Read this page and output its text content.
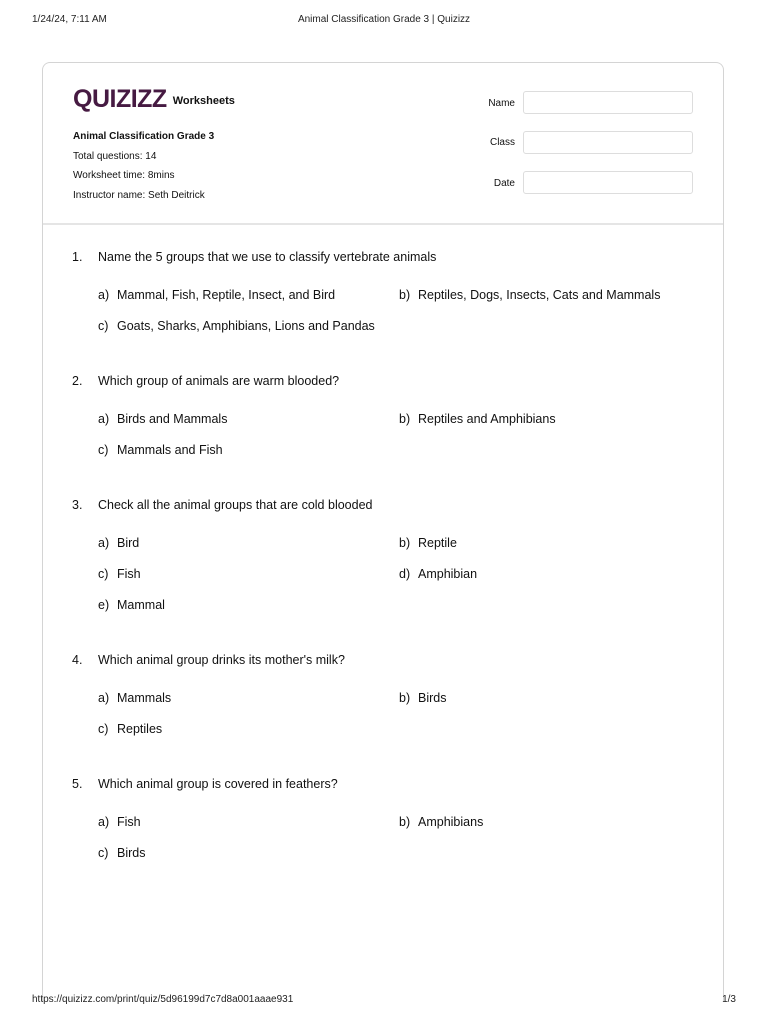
1/24/24, 7:11 AM	Animal Classification Grade 3 | Quizizz
QUIZIZZ Worksheets
Animal Classification Grade 3
Total questions: 14
Worksheet time: 8mins
Instructor name: Seth Deitrick
Name
Class
Date
1. Name the 5 groups that we use to classify vertebrate animals
a) Mammal, Fish, Reptile, Insect, and Bird	b) Reptiles, Dogs, Insects, Cats and Mammals
c) Goats, Sharks, Amphibians, Lions and Pandas
2. Which group of animals are warm blooded?
a) Birds and Mammals	b) Reptiles and Amphibians
c) Mammals and Fish
3. Check all the animal groups that are cold blooded
a) Bird	b) Reptile
c) Fish	d) Amphibian
e) Mammal
4. Which animal group drinks its mother's milk?
a) Mammals	b) Birds
c) Reptiles
5. Which animal group is covered in feathers?
a) Fish	b) Amphibians
c) Birds
https://quizizz.com/print/quiz/5d96199d7c7d8a001aaae931	1/3
